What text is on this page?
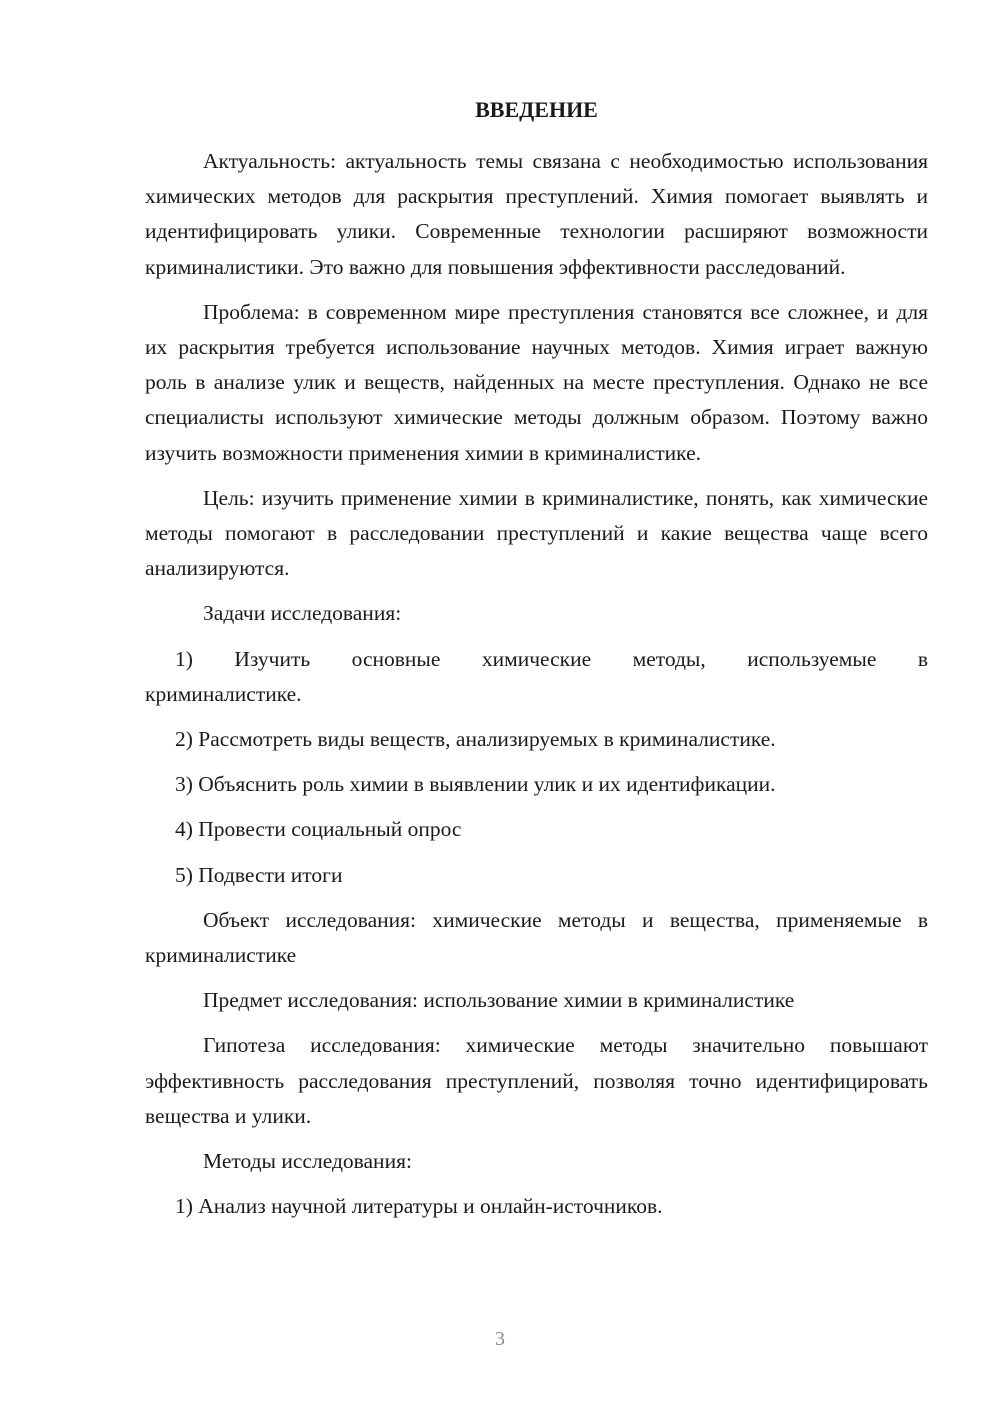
ВВЕДЕНИЕ

Актуальность: актуальность темы связана с необходимостью использования химических методов для раскрытия преступлений. Химия помогает выявлять и идентифицировать улики. Современные технологии расширяют возможности криминалистики. Это важно для повышения эффективности расследований.

Проблема: в современном мире преступления становятся все сложнее, и для их раскрытия требуется использование научных методов. Химия играет важную роль в анализе улик и веществ, найденных на месте преступления. Однако не все специалисты используют химические методы должным образом. Поэтому важно изучить возможности применения химии в криминалистике.

Цель: изучить применение химии в криминалистике, понять, как химические методы помогают в расследовании преступлений и какие вещества чаще всего анализируются.

Задачи исследования:

1) Изучить основные химические методы, используемые в
криминалистике.

2) Рассмотреть виды веществ, анализируемых в криминалистике.

3) Объяснить роль химии в выявлении улик и их идентификации.

4) Провести социальный опрос

5) Подвести итоги

Объект исследования: химические методы и вещества, применяемые в криминалистике

Предмет исследования: использование химии в криминалистике

Гипотеза исследования: химические методы значительно повышают эффективность расследования преступлений, позволяя точно идентифицировать вещества и улики.

Методы исследования:

1) Анализ научной литературы и онлайн-источников.

3
